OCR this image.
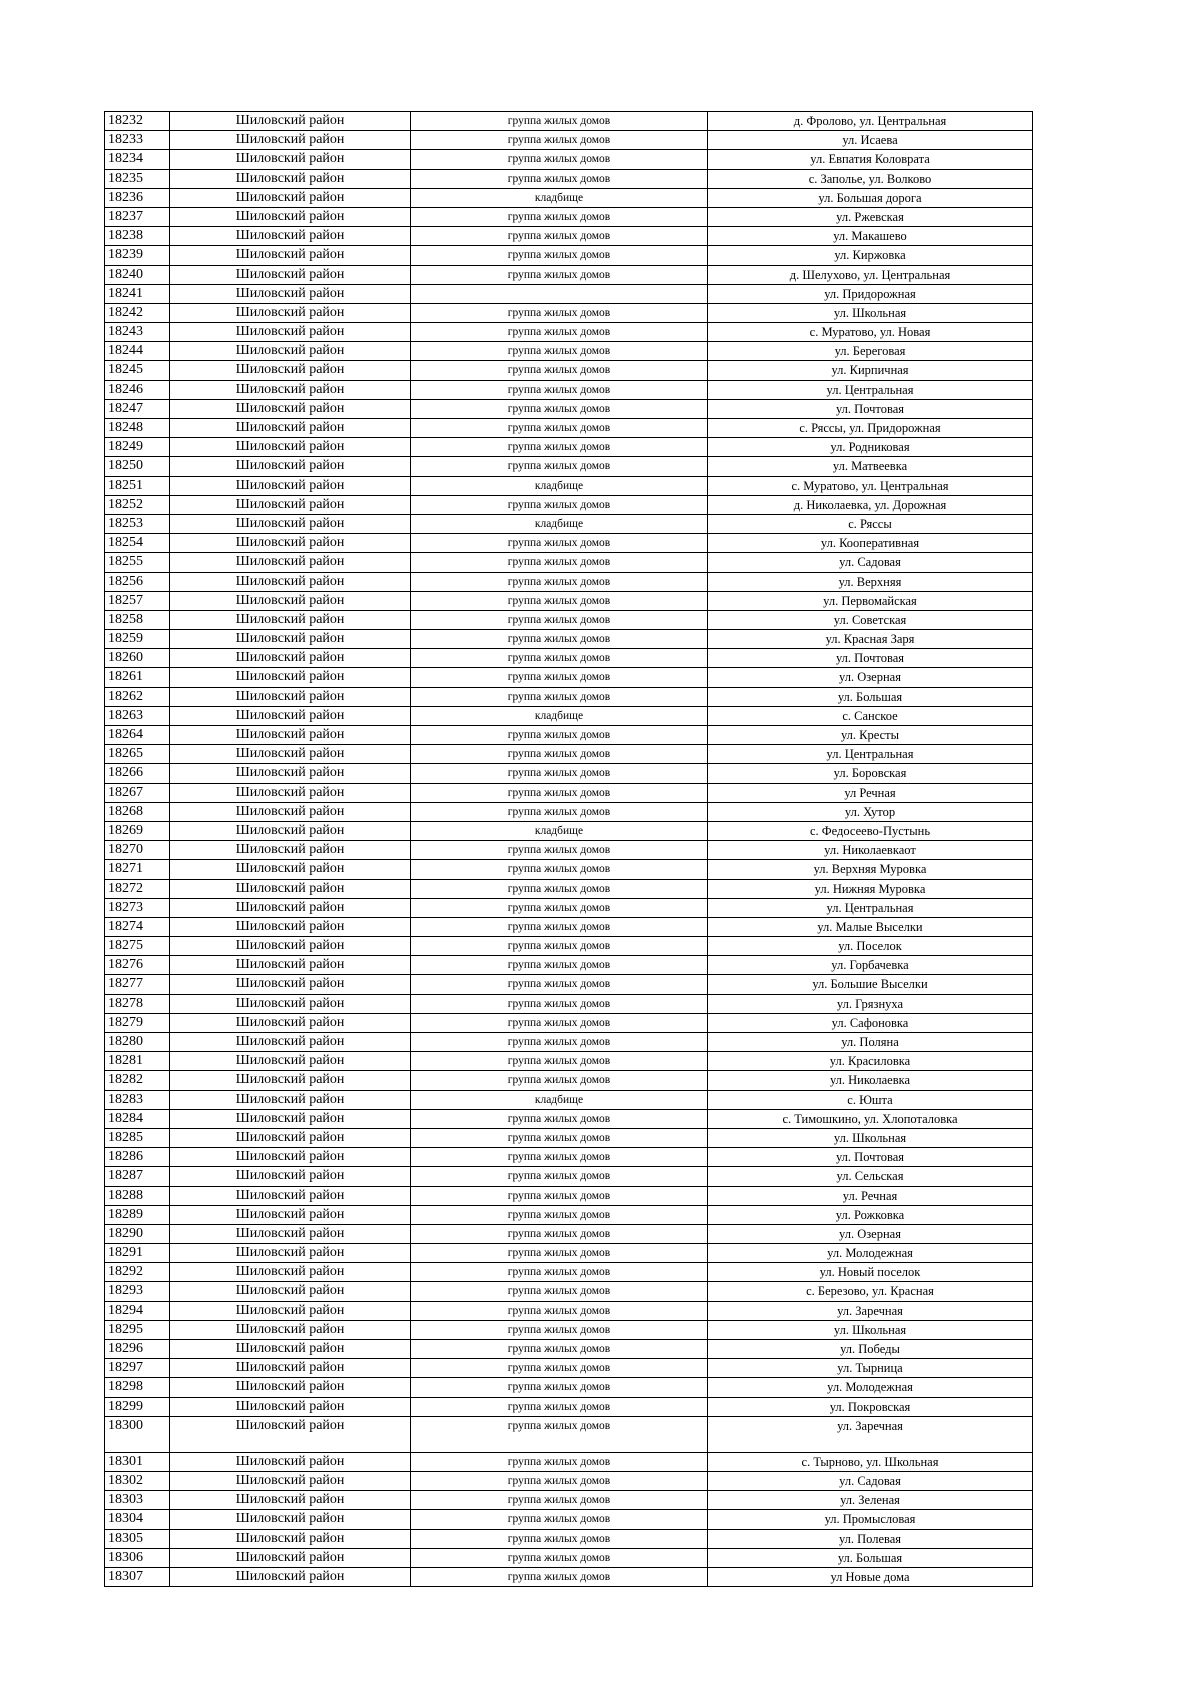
18232	Шиловский район	группа жилых домов	д. Фролово, ул. Центральная
18233	Шиловский район	группа жилых домов	ул. Исаева
18234	Шиловский район	группа жилых домов	ул. Евпатия Коловрата
18235	Шиловский район	группа жилых домов	с. Заполье, ул. Волково
18236	Шиловский район	кладбище	ул. Большая дорога
18237	Шиловский район	группа жилых домов	ул. Ржевская
18238	Шиловский район	группа жилых домов	ул. Макашево
18239	Шиловский район	группа жилых домов	ул. Киржовка
18240	Шиловский район	группа жилых домов	д. Шелухово, ул. Центральная
18241	Шиловский район		ул. Придорожная
18242	Шиловский район	группа жилых домов	ул. Школьная
18243	Шиловский район	группа жилых домов	с. Муратово, ул. Новая
18244	Шиловский район	группа жилых домов	ул. Береговая
18245	Шиловский район	группа жилых домов	ул. Кирпичная
18246	Шиловский район	группа жилых домов	ул. Центральная
18247	Шиловский район	группа жилых домов	ул. Почтовая
18248	Шиловский район	группа жилых домов	с. Ряссы, ул. Придорожная
18249	Шиловский район	группа жилых домов	ул. Родниковая
18250	Шиловский район	группа жилых домов	ул. Матвеевка
18251	Шиловский район	кладбище	с. Муратово, ул. Центральная
18252	Шиловский район	группа жилых домов	д. Николаевка, ул. Дорожная
18253	Шиловский район	кладбище	с. Ряссы
18254	Шиловский район	группа жилых домов	ул. Кооперативная
18255	Шиловский район	группа жилых домов	ул. Садовая
18256	Шиловский район	группа жилых домов	ул. Верхняя
18257	Шиловский район	группа жилых домов	ул. Первомайская
18258	Шиловский район	группа жилых домов	ул. Советская
18259	Шиловский район	группа жилых домов	ул. Красная Заря
18260	Шиловский район	группа жилых домов	ул. Почтовая
18261	Шиловский район	группа жилых домов	ул. Озерная
18262	Шиловский район	группа жилых домов	ул. Большая
18263	Шиловский район	кладбище	с. Санское
18264	Шиловский район	группа жилых домов	ул. Кресты
18265	Шиловский район	группа жилых домов	ул. Центральная
18266	Шиловский район	группа жилых домов	ул. Боровская
18267	Шиловский район	группа жилых домов	ул Речная
18268	Шиловский район	группа жилых домов	ул. Хутор
18269	Шиловский район	кладбище	с. Федосеево-Пустынь
18270	Шиловский район	группа жилых домов	ул. Николаевкаот
18271	Шиловский район	группа жилых домов	ул. Верхняя Муровка
18272	Шиловский район	группа жилых домов	ул. Нижняя Муровка
18273	Шиловский район	группа жилых домов	ул. Центральная
18274	Шиловский район	группа жилых домов	ул. Малые Выселки
18275	Шиловский район	группа жилых домов	ул. Поселок
18276	Шиловский район	группа жилых домов	ул. Горбачевка
18277	Шиловский район	группа жилых домов	ул. Большие Выселки
18278	Шиловский район	группа жилых домов	ул. Грязнуха
18279	Шиловский район	группа жилых домов	ул. Сафоновка
18280	Шиловский район	группа жилых домов	ул. Поляна
18281	Шиловский район	группа жилых домов	ул. Красиловка
18282	Шиловский район	группа жилых домов	ул. Николаевка
18283	Шиловский район	кладбище	с. Юшта
18284	Шиловский район	группа жилых домов	с. Тимошкино, ул. Хлопоталовка
18285	Шиловский район	группа жилых домов	ул. Школьная
18286	Шиловский район	группа жилых домов	ул. Почтовая
18287	Шиловский район	группа жилых домов	ул. Сельская
18288	Шиловский район	группа жилых домов	ул. Речная
18289	Шиловский район	группа жилых домов	ул. Рожковка
18290	Шиловский район	группа жилых домов	ул. Озерная
18291	Шиловский район	группа жилых домов	ул. Молодежная
18292	Шиловский район	группа жилых домов	ул. Новый поселок
18293	Шиловский район	группа жилых домов	с. Березово, ул. Красная
18294	Шиловский район	группа жилых домов	ул. Заречная
18295	Шиловский район	группа жилых домов	ул. Школьная
18296	Шиловский район	группа жилых домов	ул. Победы
18297	Шиловский район	группа жилых домов	ул. Тырница
18298	Шиловский район	группа жилых домов	ул. Молодежная
18299	Шиловский район	группа жилых домов	ул. Покровская
18300	Шиловский район	группа жилых домов	ул. Заречная
18301	Шиловский район	группа жилых домов	с. Тырново, ул. Школьная
18302	Шиловский район	группа жилых домов	ул. Садовая
18303	Шиловский район	группа жилых домов	ул. Зеленая
18304	Шиловский район	группа жилых домов	ул. Промысловая
18305	Шиловский район	группа жилых домов	ул. Полевая
18306	Шиловский район	группа жилых домов	ул. Большая
18307	Шиловский район	группа жилых домов	ул Новые дома
